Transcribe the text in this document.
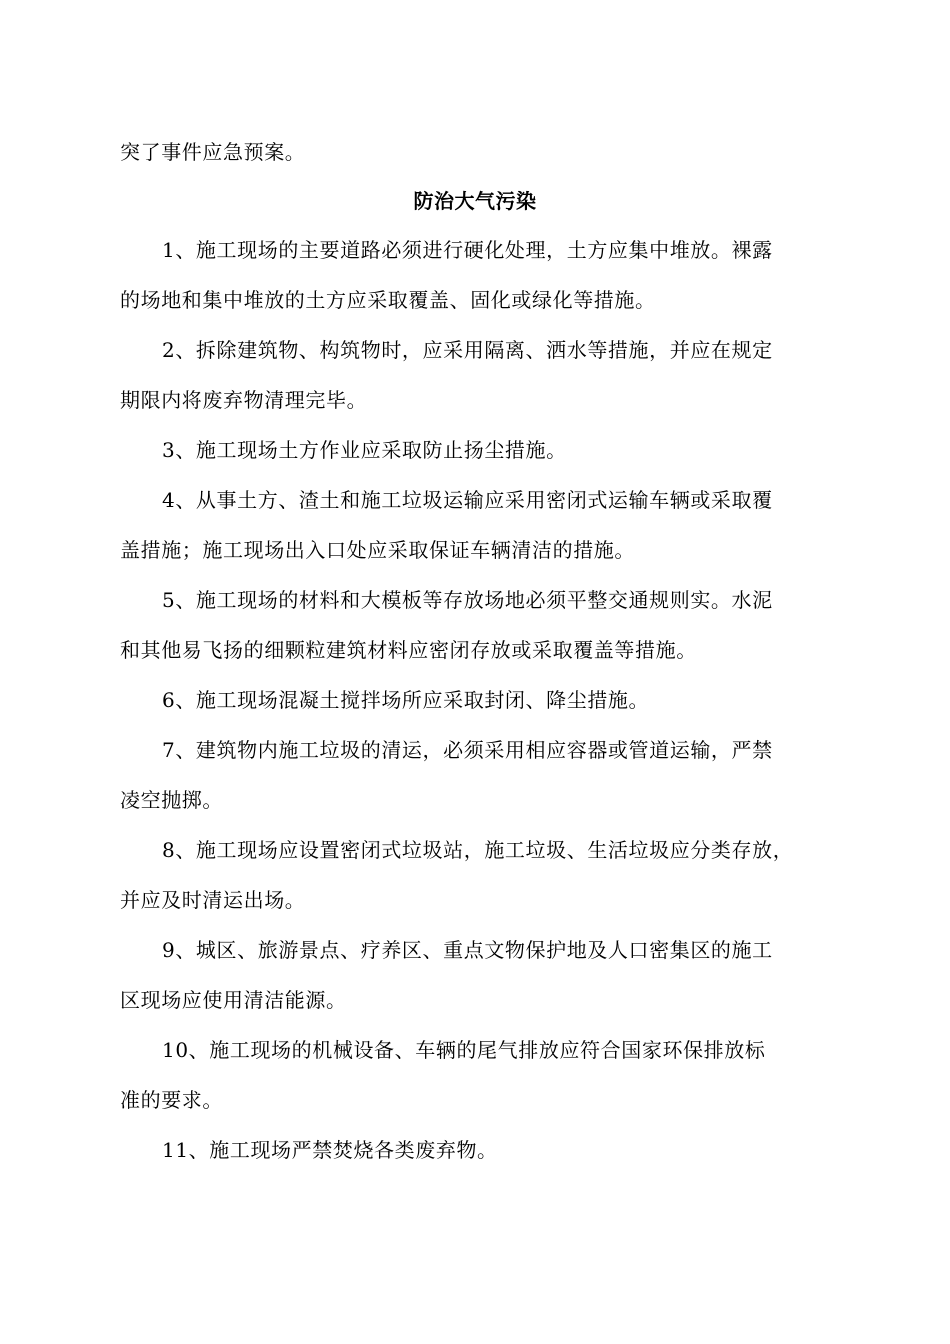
突了事件应急预案。
防治大气污染
1、施工现场的主要道路必须进行硬化处理，土方应集中堆放。裸露
的场地和集中堆放的土方应采取覆盖、固化或绿化等措施。
2、拆除建筑物、构筑物时，应采用隔离、洒水等措施，并应在规定
期限内将废弃物清理完毕。
3、施工现场土方作业应采取防止扬尘措施。
4、从事土方、渣土和施工垃圾运输应采用密闭式运输车辆或采取覆
盖措施；施工现场出入口处应采取保证车辆清洁的措施。
5、施工现场的材料和大模板等存放场地必须平整交通规则实。水泥
和其他易飞扬的细颗粒建筑材料应密闭存放或采取覆盖等措施。
6、施工现场混凝土搅拌场所应采取封闭、降尘措施。
7、建筑物内施工垃圾的清运，必须采用相应容器或管道运输，严禁
凌空抛掷。
8、施工现场应设置密闭式垃圾站，施工垃圾、生活垃圾应分类存放，
并应及时清运出场。
9、城区、旅游景点、疗养区、重点文物保护地及人口密集区的施工
区现场应使用清洁能源。
10、施工现场的机械设备、车辆的尾气排放应符合国家环保排放标
准的要求。
11、施工现场严禁焚烧各类废弃物。
